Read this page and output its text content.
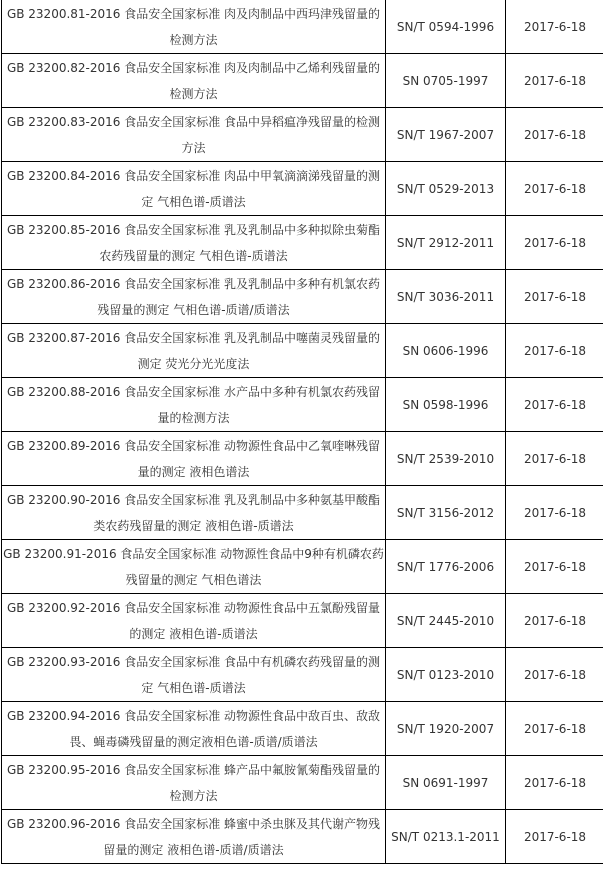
GB 23200.81-2016 食品安全国家标准 肉及肉制品中西玛津残留量的检测方法	SN/T 0594-1996	2017-6-18
GB 23200.82-2016 食品安全国家标准 肉及肉制品中乙烯利残留量的检测方法	SN 0705-1997	2017-6-18
GB 23200.83-2016 食品安全国家标准 食品中异稻瘟净残留量的检测方法	SN/T 1967-2007	2017-6-18
GB 23200.84-2016 食品安全国家标准 肉品中甲氧滴滴涕残留量的测定 气相色谱-质谱法	SN/T 0529-2013	2017-6-18
GB 23200.85-2016 食品安全国家标准 乳及乳制品中多种拟除虫菊酯农药残留量的测定 气相色谱-质谱法	SN/T 2912-2011	2017-6-18
GB 23200.86-2016 食品安全国家标准 乳及乳制品中多种有机氯农药残留量的测定 气相色谱-质谱/质谱法	SN/T 3036-2011	2017-6-18
GB 23200.87-2016 食品安全国家标准 乳及乳制品中噻菌灵残留量的测定 荧光分光光度法	SN 0606-1996	2017-6-18
GB 23200.88-2016 食品安全国家标准 水产品中多种有机氯农药残留量的检测方法	SN 0598-1996	2017-6-18
GB 23200.89-2016 食品安全国家标准 动物源性食品中乙氧喹啉残留量的测定 液相色谱法	SN/T 2539-2010	2017-6-18
GB 23200.90-2016 食品安全国家标准 乳及乳制品中多种氨基甲酸酯类农药残留量的测定 液相色谱-质谱法	SN/T 3156-2012	2017-6-18
GB 23200.91-2016 食品安全国家标准 动物源性食品中9种有机磷农药残留量的测定 气相色谱法	SN/T 1776-2006	2017-6-18
GB 23200.92-2016 食品安全国家标准 动物源性食品中五氯酚残留量的测定 液相色谱-质谱法	SN/T 2445-2010	2017-6-18
GB 23200.93-2016 食品安全国家标准 食品中有机磷农药残留量的测定 气相色谱-质谱法	SN/T 0123-2010	2017-6-18
GB 23200.94-2016 食品安全国家标准 动物源性食品中敌百虫、敌敌畏、蝇毒磷残留量的测定液相色谱-质谱/质谱法	SN/T 1920-2007	2017-6-18
GB 23200.95-2016 食品安全国家标准 蜂产品中氟胺氰菊酯残留量的检测方法	SN 0691-1997	2017-6-18
GB 23200.96-2016 食品安全国家标准 蜂蜜中杀虫脒及其代谢产物残留量的测定 液相色谱-质谱/质谱法	SN/T 0213.1-2011	2017-6-18
